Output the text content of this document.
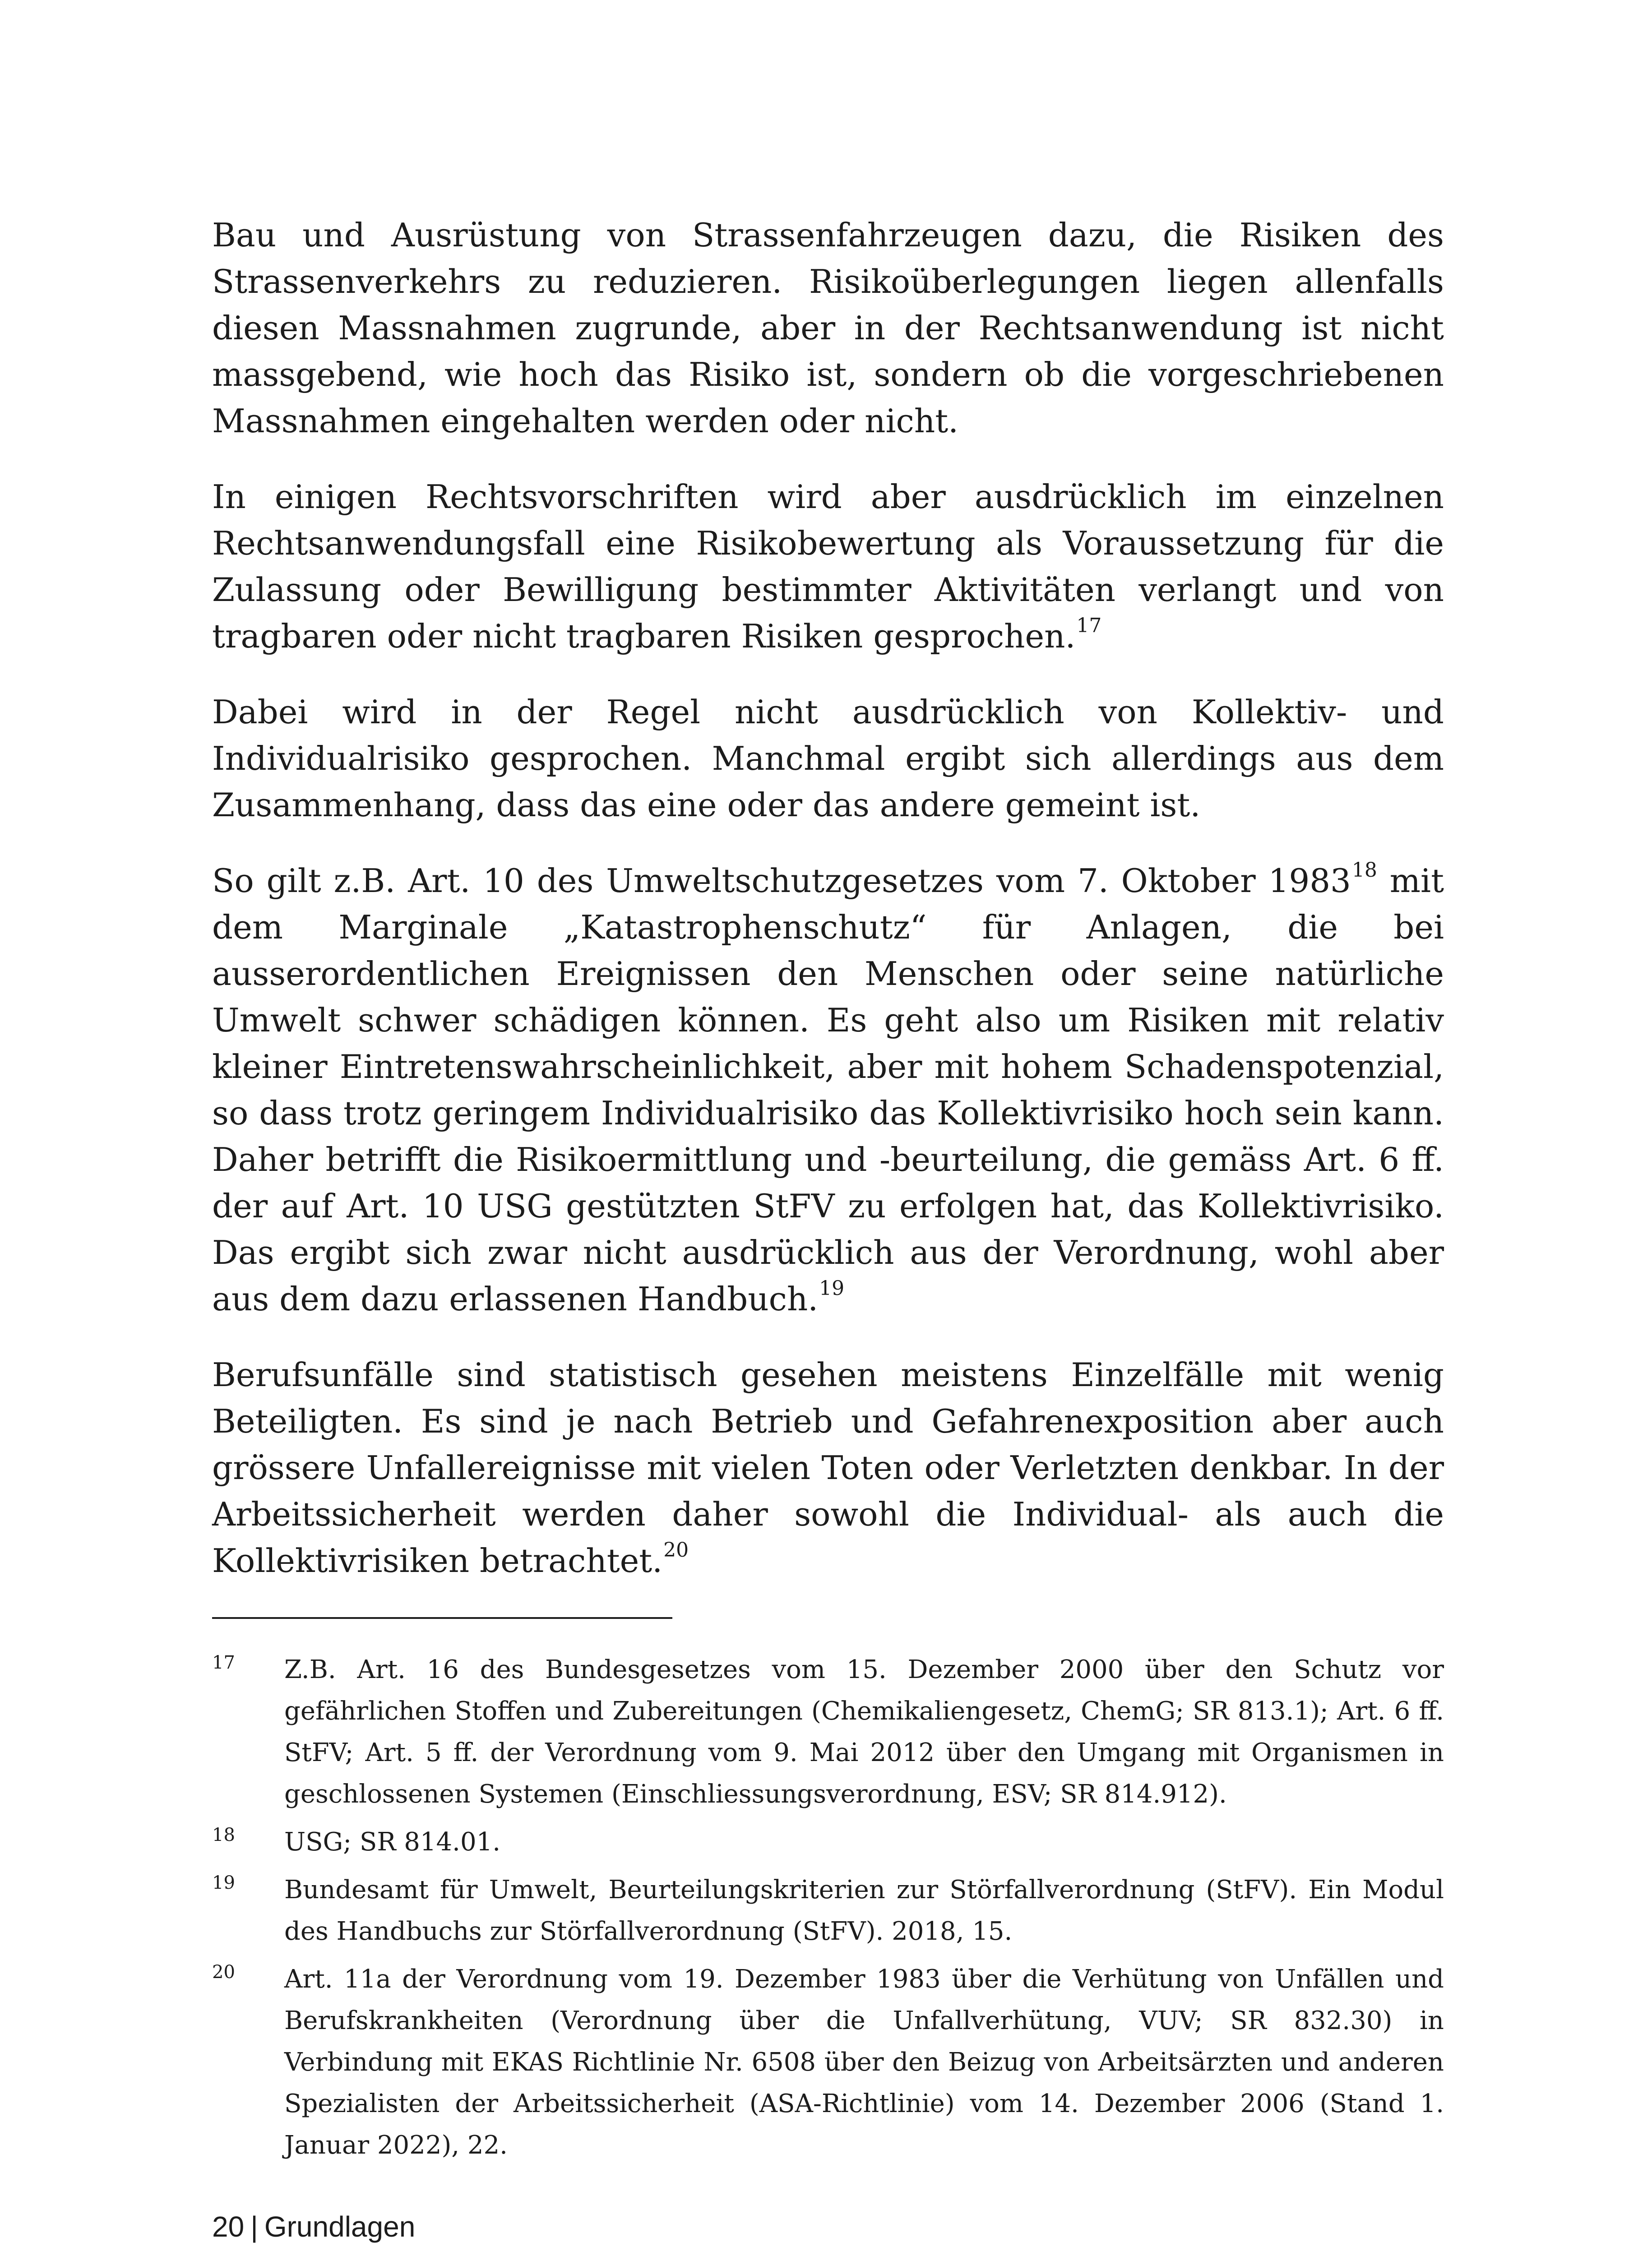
Bau und Ausrüstung von Strassenfahrzeugen dazu, die Risiken des Strassenverkehrs zu reduzieren. Risikoüberlegungen liegen allenfalls diesen Massnahmen zugrunde, aber in der Rechtsanwendung ist nicht massgebend, wie hoch das Risiko ist, sondern ob die vorgeschriebenen Massnahmen eingehalten werden oder nicht.

In einigen Rechtsvorschriften wird aber ausdrücklich im einzelnen Rechtsanwendungsfall eine Risikobewertung als Voraussetzung für die Zulassung oder Bewilligung bestimmter Aktivitäten verlangt und von tragbaren oder nicht tragbaren Risiken gesprochen.$^{17}$

Dabei wird in der Regel nicht ausdrücklich von Kollektiv- und Individualrisiko gesprochen. Manchmal ergibt sich allerdings aus dem Zusammenhang, dass das eine oder das andere gemeint ist.

So gilt z.B. Art. 10 des Umweltschutzgesetzes vom 7. Oktober 1983$^{18}$ mit dem Marginale „Katastrophenschutz“ für Anlagen, die bei ausserordentlichen Ereignissen den Menschen oder seine natürliche Umwelt schwer schädigen können. Es geht also um Risiken mit relativ kleiner Eintretenswahrscheinlichkeit, aber mit hohem Schadenspotenzial, so dass trotz geringem Individualrisiko das Kollektivrisiko hoch sein kann. Daher betrifft die Risikoermittlung und -beurteilung, die gemäss Art. 6 ff. der auf Art. 10 USG gestützten StFV zu erfolgen hat, das Kollektivrisiko. Das ergibt sich zwar nicht ausdrücklich aus der Verordnung, wohl aber aus dem dazu erlassenen Handbuch.$^{19}$

Berufsunfälle sind statistisch gesehen meistens Einzelfälle mit wenig Beteiligten. Es sind je nach Betrieb und Gefahrenexposition aber auch grössere Unfallereignisse mit vielen Toten oder Verletzten denkbar. In der Arbeitssicherheit werden daher sowohl die Individual- als auch die Kollektivrisiken betrachtet.$^{20}$

17	Z.B. Art. 16 des Bundesgesetzes vom 15. Dezember 2000 über den Schutz vor gefährlichen Stoffen und Zubereitungen (Chemikaliengesetz, ChemG; SR 813.1); Art. 6 ff. StFV; Art. 5 ff. der Verordnung vom 9. Mai 2012 über den Umgang mit Organismen in geschlossenen Systemen (Einschliessungsverordnung, ESV; SR 814.912).
18	USG; SR 814.01.
19	Bundesamt für Umwelt, Beurteilungskriterien zur Störfallverordnung (StFV). Ein Modul des Handbuchs zur Störfallverordnung (StFV). 2018, 15.
20	Art. 11a der Verordnung vom 19. Dezember 1983 über die Verhütung von Unfällen und Berufskrankheiten (Verordnung über die Unfallverhütung, VUV; SR 832.30) in Verbindung mit EKAS Richtlinie Nr. 6508 über den Beizug von Arbeitsärzten und anderen Spezialisten der Arbeitssicherheit (ASA-Richtlinie) vom 14. Dezember 2006 (Stand 1. Januar 2022), 22.
20 | Grundlagen
